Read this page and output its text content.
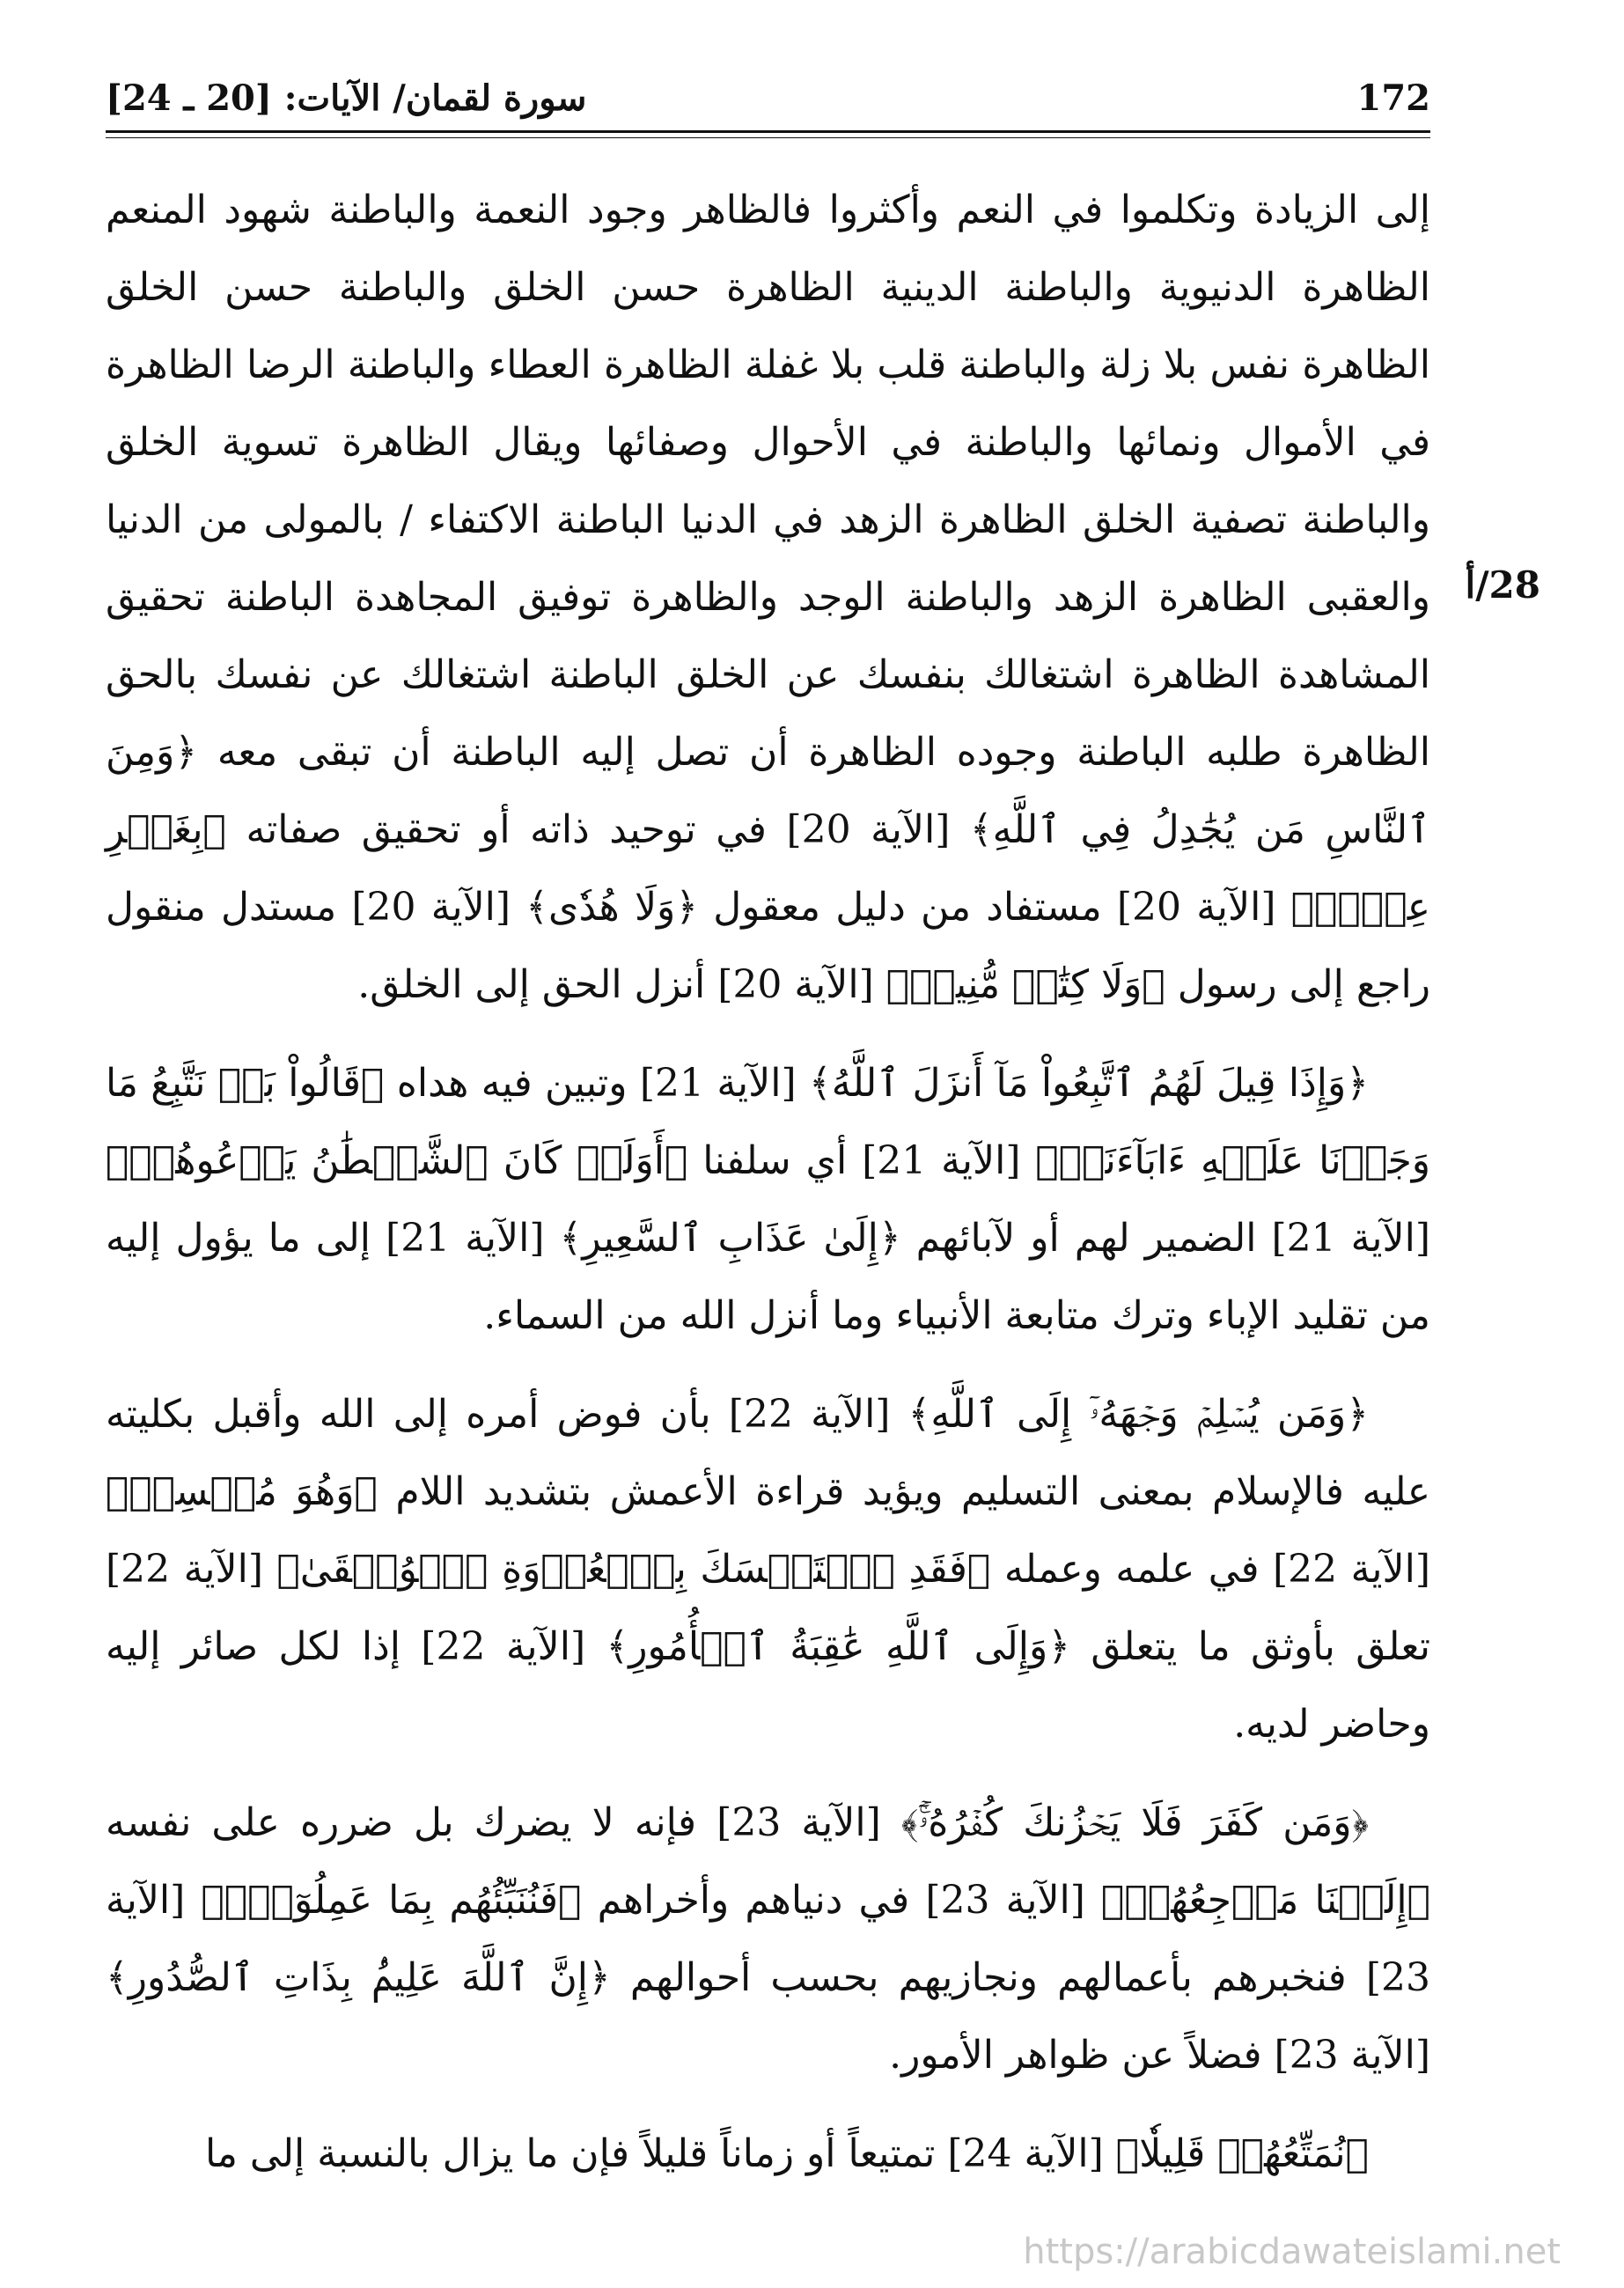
172
سورة لقمان/ الآيات: [20 ـ 24]
28/أ

إلى الزيادة وتكلموا في النعم وأكثروا فالظاهر وجود النعمة والباطنة شهود المنعم الظاهرة الدنيوية والباطنة الدينية الظاهرة حسن الخلق والباطنة حسن الخلق الظاهرة نفس بلا زلة والباطنة قلب بلا غفلة الظاهرة العطاء والباطنة الرضا الظاهرة في الأموال ونمائها والباطنة في الأحوال وصفائها ويقال الظاهرة تسوية الخلق والباطنة تصفية الخلق الظاهرة الزهد في الدنيا الباطنة الاكتفاء / بالمولى من الدنيا والعقبى الظاهرة الزهد والباطنة الوجد والظاهرة توفيق المجاهدة الباطنة تحقيق المشاهدة الظاهرة اشتغالك بنفسك عن الخلق الباطنة اشتغالك عن نفسك بالحق الظاهرة طلبه الباطنة وجوده الظاهرة أن تصل إليه الباطنة أن تبقى معه ﴿وَمِنَ ٱلنَّاسِ مَن يُجَٰدِلُ فِي ٱللَّهِ﴾ [الآية 20] في توحيد ذاته أو تحقيق صفاته ﴿بِغَيۡرِ عِلۡمٖ﴾ [الآية 20] مستفاد من دليل معقول ﴿وَلَا هُدٗى﴾ [الآية 20] مستدل منقول راجع إلى رسول ﴿وَلَا كِتَٰبٖ مُّنِيرٖ﴾ [الآية 20] أنزل الحق إلى الخلق.

﴿وَإِذَا قِيلَ لَهُمُ ٱتَّبِعُواْ مَآ أَنزَلَ ٱللَّهُ﴾ [الآية 21] وتبين فيه هداه ﴿قَالُواْ بَلۡ نَتَّبِعُ مَا وَجَدۡنَا عَلَيۡهِ ءَابَآءَنَآۚ﴾ [الآية 21] أي سلفنا ﴿أَوَلَوۡ كَانَ ٱلشَّيۡطَٰنُ يَدۡعُوهُمۡ﴾ [الآية 21] الضمير لهم أو لآبائهم ﴿إِلَىٰ عَذَابِ ٱلسَّعِيرِ﴾ [الآية 21] إلى ما يؤول إليه من تقليد الإباء وترك متابعة الأنبياء وما أنزل الله من السماء.

﴿وَمَن يُسۡلِمۡ وَجۡهَهُۥٓ إِلَى ٱللَّهِ﴾ [الآية 22] بأن فوض أمره إلى الله وأقبل بكليته عليه فالإسلام بمعنى التسليم ويؤيد قراءة الأعمش بتشديد اللام ﴿وَهُوَ مُحۡسِنٞ﴾ [الآية 22] في علمه وعمله ﴿فَقَدِ ٱسۡتَمۡسَكَ بِٱلۡعُرۡوَةِ ٱلۡوُثۡقَىٰ﴾ [الآية 22] تعلق بأوثق ما يتعلق ﴿وَإِلَى ٱللَّهِ عَٰقِبَةُ ٱلۡأُمُورِ﴾ [الآية 22] إذا لكل صائر إليه وحاضر لديه.

﴿وَمَن كَفَرَ فَلَا يَحۡزُنكَ كُفۡرُهُۥٓۚ﴾ [الآية 23] فإنه لا يضرك بل ضرره على نفسه ﴿إِلَيۡنَا مَرۡجِعُهُمۡ﴾ [الآية 23] في دنياهم وأخراهم ﴿فَنُنَبِّئُهُم بِمَا عَمِلُوٓاْۚ﴾ [الآية 23] فنخبرهم بأعمالهم ونجازيهم بحسب أحوالهم ﴿إِنَّ ٱللَّهَ عَلِيمُۢ بِذَاتِ ٱلصُّدُورِ﴾ [الآية 23] فضلاً عن ظواهر الأمور.

﴿نُمَتِّعُهُمۡ قَلِيلٗا﴾ [الآية 24] تمتيعاً أو زماناً قليلاً فإن ما يزال بالنسبة إلى ما

https://arabicdawateislami.net
